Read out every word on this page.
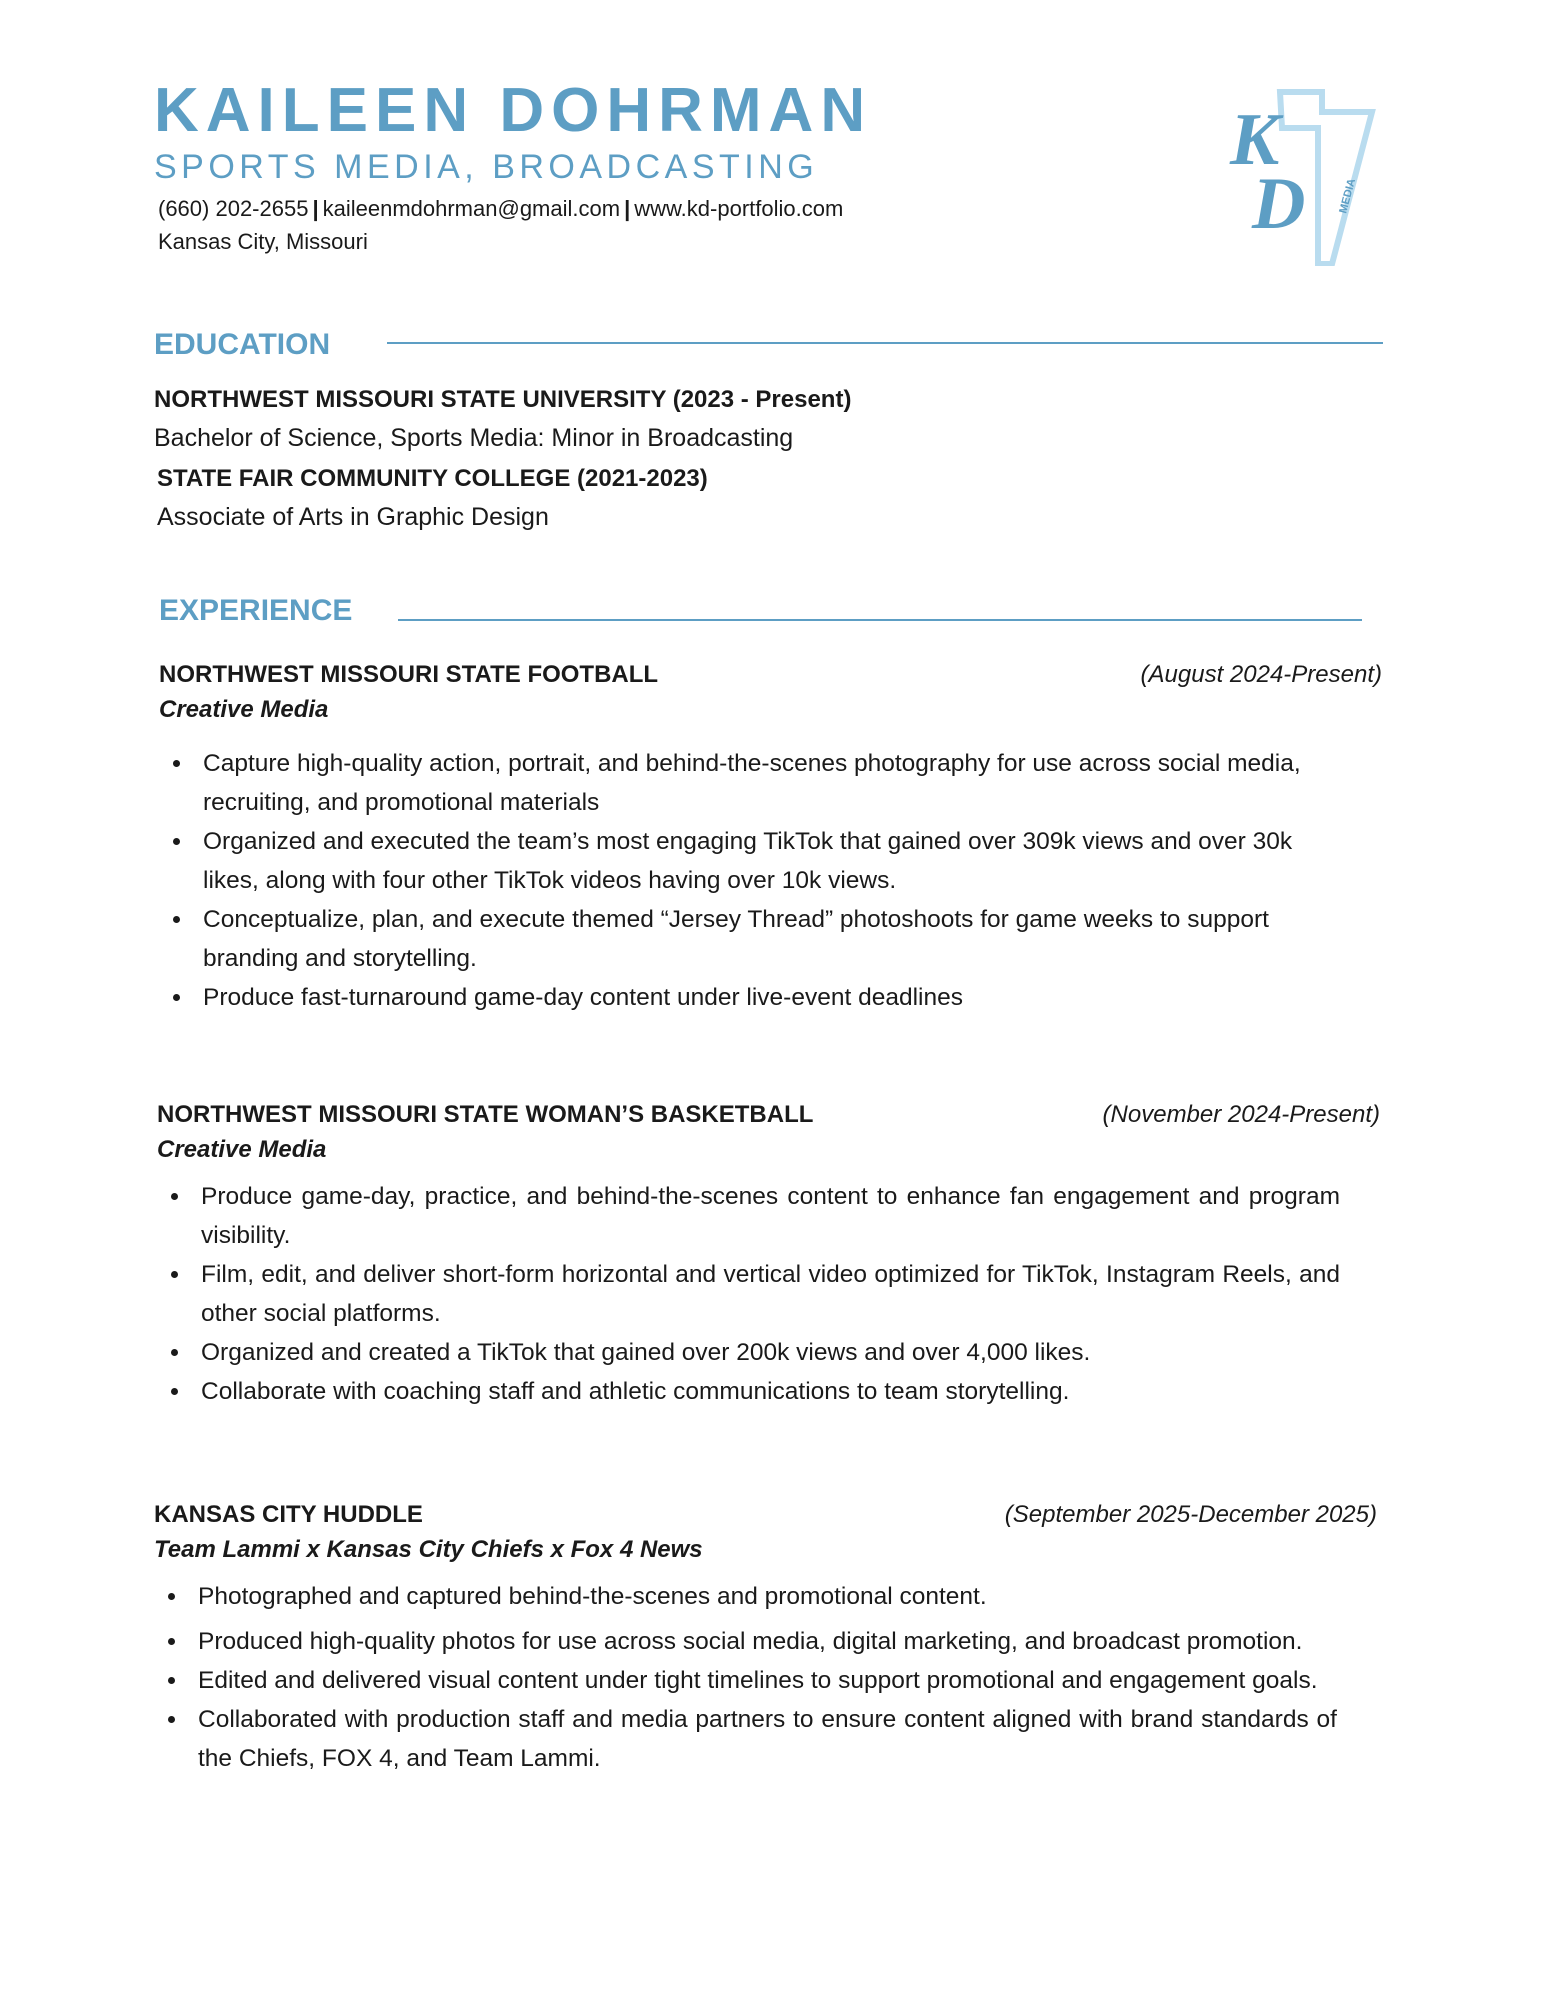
KAILEEN DOHRMAN
SPORTS MEDIA, BROADCASTING
(660) 202-2655 | kaileenmdohrman@gmail.com | www.kd-portfolio.com
Kansas City, Missouri
K
D	MEDIA
EDUCATION
NORTHWEST MISSOURI STATE UNIVERSITY (2023 - Present)
Bachelor of Science, Sports Media: Minor in Broadcasting
STATE FAIR COMMUNITY COLLEGE (2021-2023)
Associate of Arts in Graphic Design
EXPERIENCE
NORTHWEST MISSOURI STATE FOOTBALL	(August 2024-Present)
Creative Media
Capture high-quality action, portrait, and behind-the-scenes photography for use across social media, recruiting, and promotional materials
Organized and executed the team’s most engaging TikTok that gained over 309k views and over 30k likes, along with four other TikTok videos having over 10k views.
Conceptualize, plan, and execute themed “Jersey Thread” photoshoots for game weeks to support branding and storytelling.
Produce fast-turnaround game-day content under live-event deadlines
NORTHWEST MISSOURI STATE WOMAN’S BASKETBALL	(November 2024-Present)
Creative Media
Produce game-day, practice, and behind-the-scenes content to enhance fan engagement and program visibility.
Film, edit, and deliver short-form horizontal and vertical video optimized for TikTok, Instagram Reels, and other social platforms.
Organized and created a TikTok that gained over 200k views and over 4,000 likes.
Collaborate with coaching staff and athletic communications to team storytelling.
KANSAS CITY HUDDLE	(September 2025-December 2025)
Team Lammi x Kansas City Chiefs x Fox 4 News
Photographed and captured behind-the-scenes and promotional content.
Produced high-quality photos for use across social media, digital marketing, and broadcast promotion.
Edited and delivered visual content under tight timelines to support promotional and engagement goals.
Collaborated with production staff and media partners to ensure content aligned with brand standards of the Chiefs, FOX 4, and Team Lammi.
